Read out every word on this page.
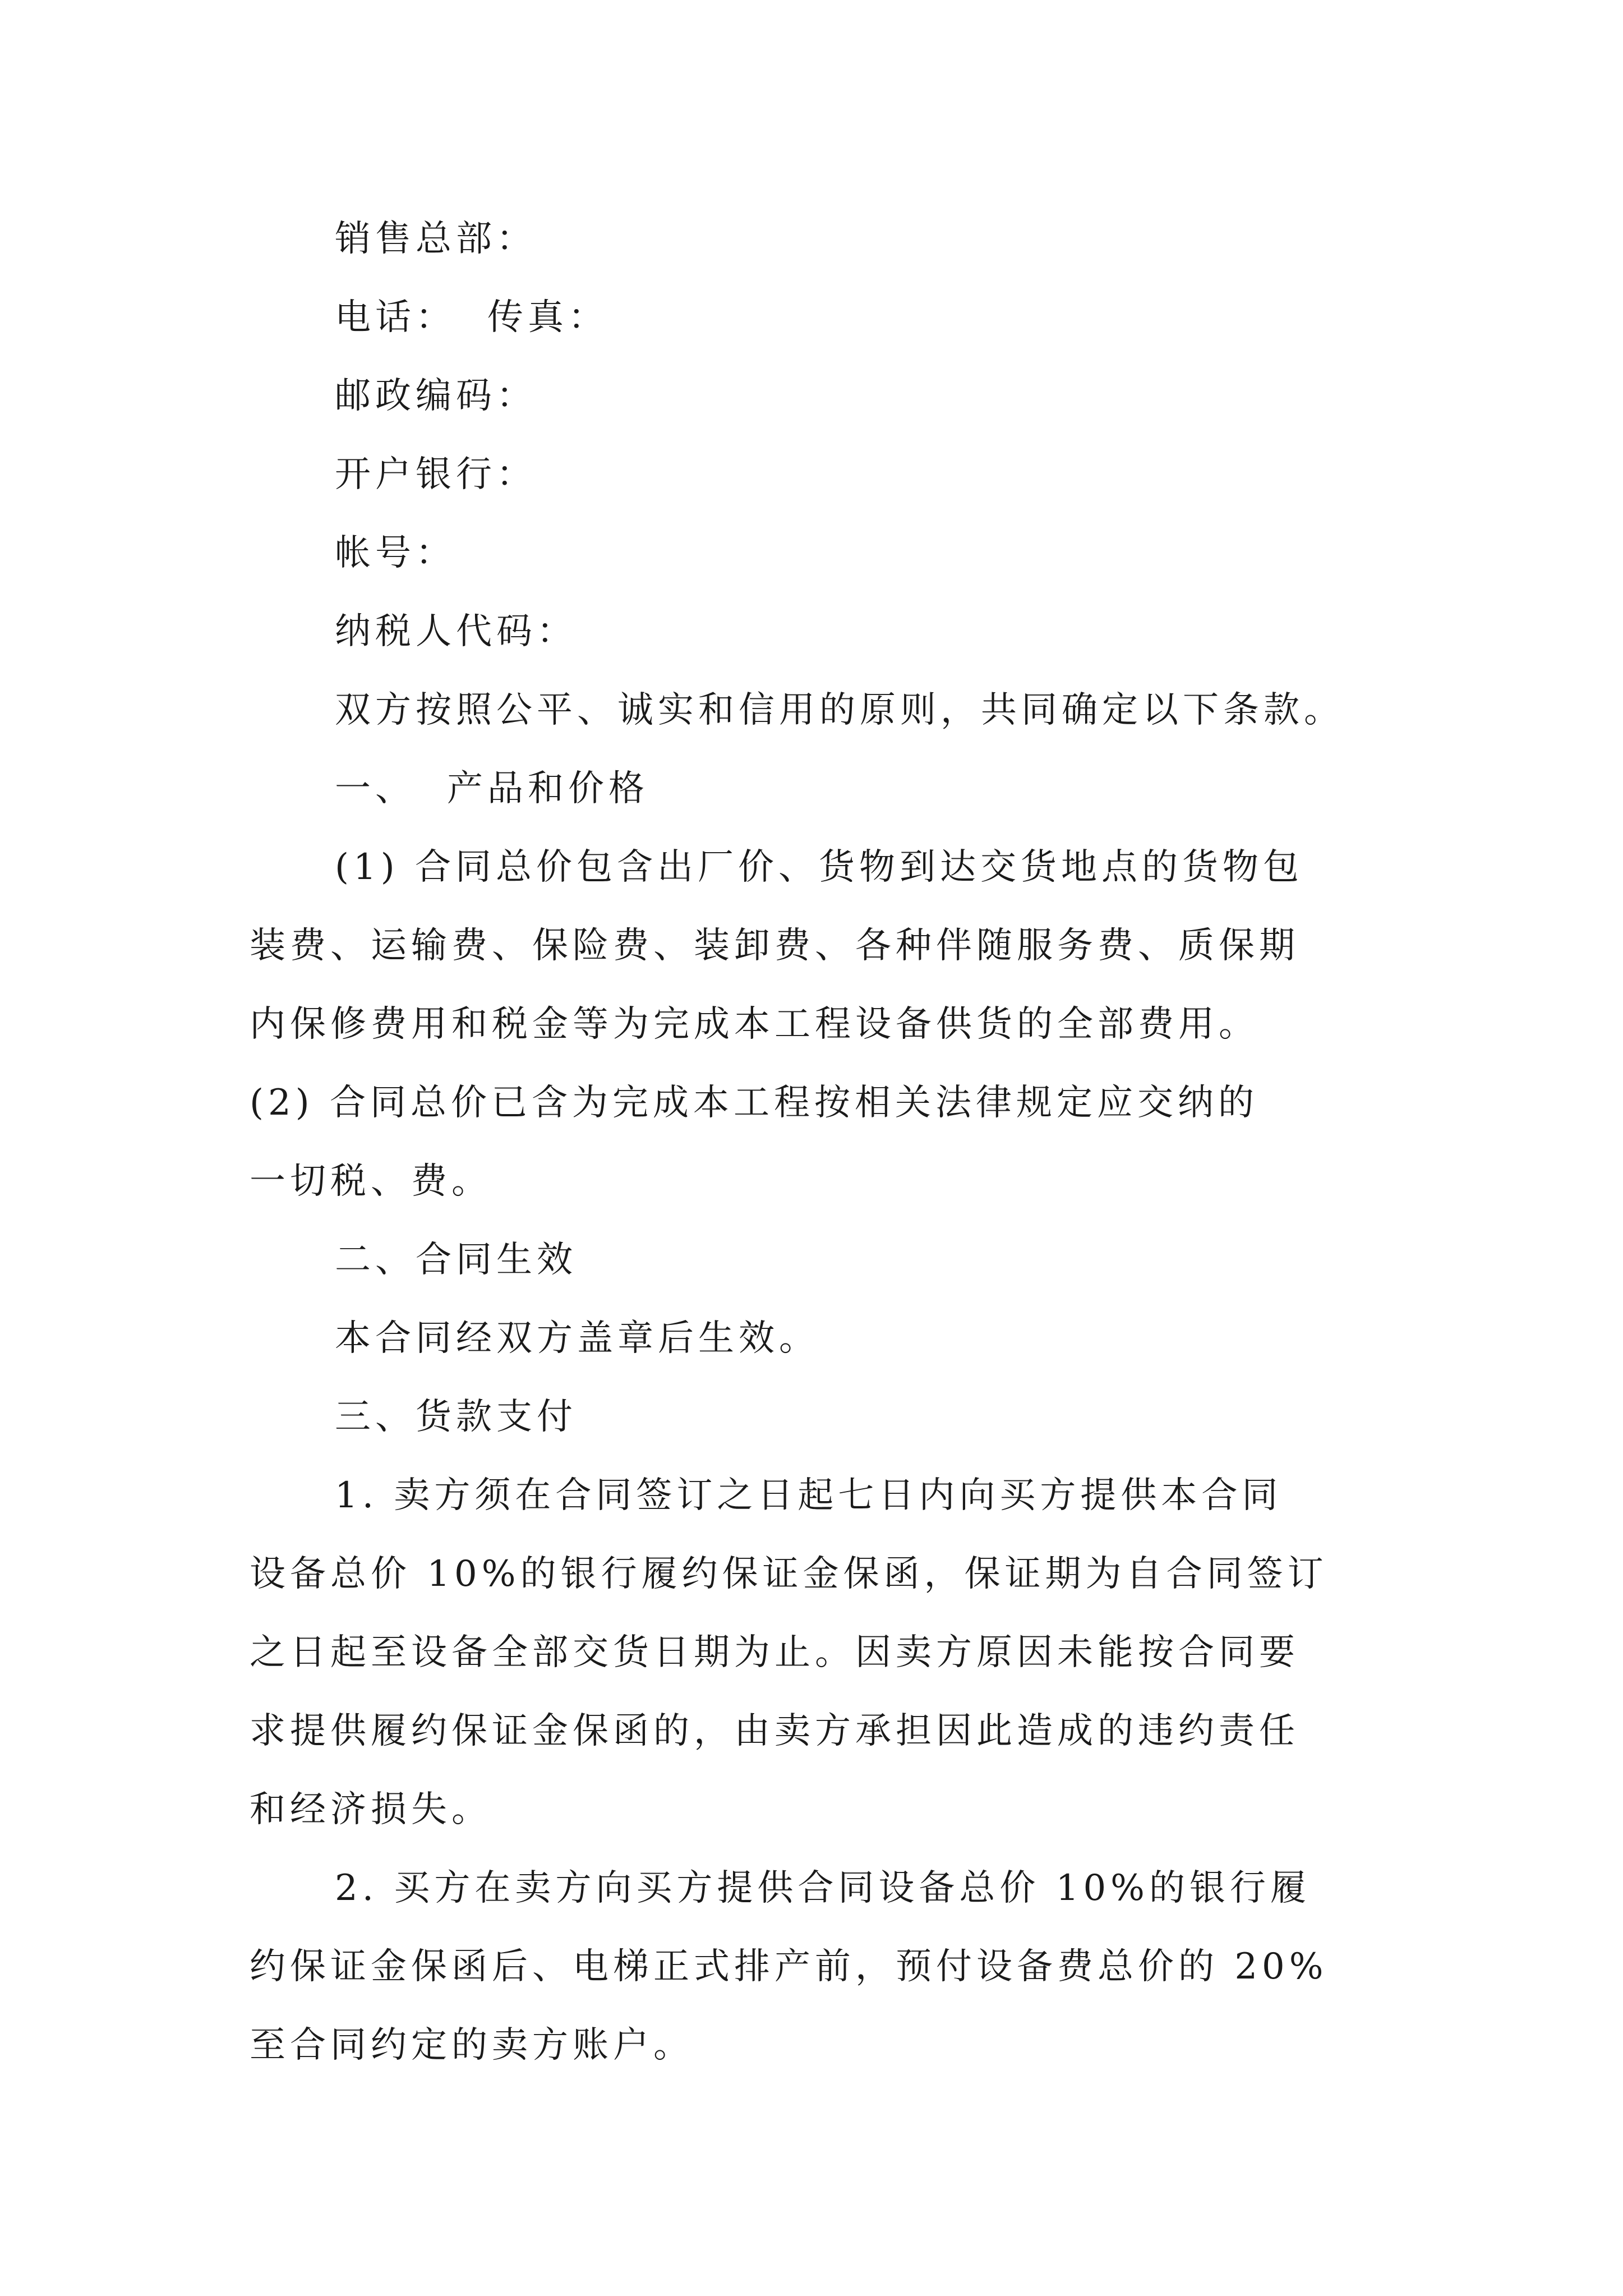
销售总部：
电话： 传真：
邮政编码：
开户银行：
帐号：
纳税人代码：
双方按照公平、诚实和信用的原则，共同确定以下条款。
一、 产品和价格
(1) 合同总价包含出厂价、货物到达交货地点的货物包
装费、运输费、保险费、装卸费、各种伴随服务费、质保期
内保修费用和税金等为完成本工程设备供货的全部费用。
(2) 合同总价已含为完成本工程按相关法律规定应交纳的
一切税、费。
二、合同生效
本合同经双方盖章后生效。
三、货款支付
1. 卖方须在合同签订之日起七日内向买方提供本合同
设备总价 10%的银行履约保证金保函，保证期为自合同签订
之日起至设备全部交货日期为止。因卖方原因未能按合同要
求提供履约保证金保函的，由卖方承担因此造成的违约责任
和经济损失。
2. 买方在卖方向买方提供合同设备总价 10%的银行履
约保证金保函后、电梯正式排产前，预付设备费总价的 20%
至合同约定的卖方账户。
